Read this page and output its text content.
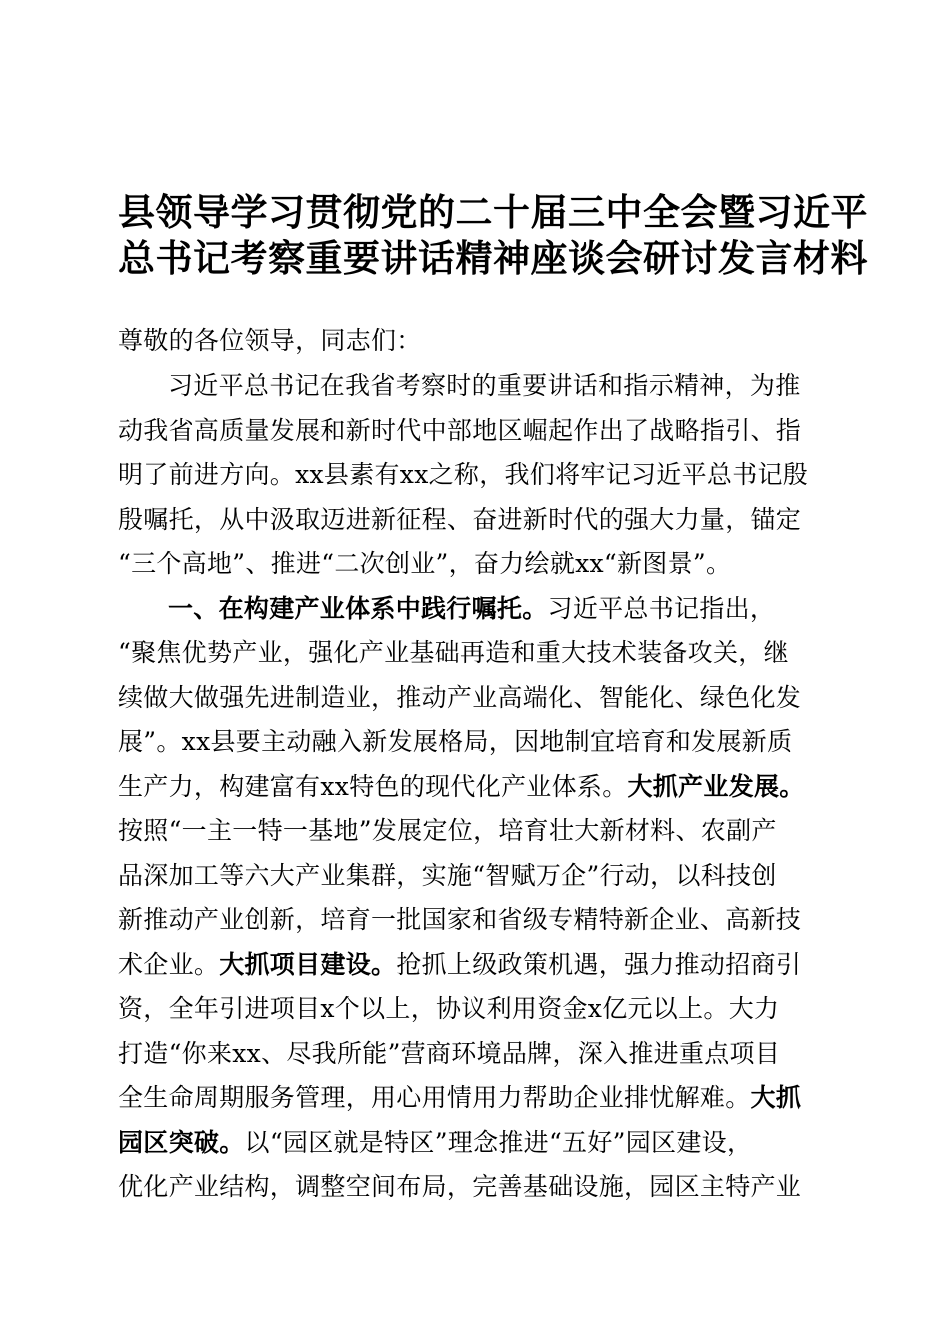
县领导学习贯彻党的二十届三中全会暨习近平
总书记考察重要讲话精神座谈会研讨发言材料
尊敬的各位领导，同志们：
习近平总书记在我省考察时的重要讲话和指示精神，为推
动我省高质量发展和新时代中部地区崛起作出了战略指引、指
明了前进方向。xx县素有xx之称，我们将牢记习近平总书记殷
殷嘱托，从中汲取迈进新征程、奋进新时代的强大力量，锚定
“三个高地”、推进“二次创业”，奋力绘就xx“新图景”。
一、在构建产业体系中践行嘱托。习近平总书记指出，
“聚焦优势产业，强化产业基础再造和重大技术装备攻关，继
续做大做强先进制造业，推动产业高端化、智能化、绿色化发
展”。xx县要主动融入新发展格局，因地制宜培育和发展新质
生产力，构建富有xx特色的现代化产业体系。大抓产业发展。
按照“一主一特一基地”发展定位，培育壮大新材料、农副产
品深加工等六大产业集群，实施“智赋万企”行动，以科技创
新推动产业创新，培育一批国家和省级专精特新企业、高新技
术企业。大抓项目建设。抢抓上级政策机遇，强力推动招商引
资，全年引进项目x个以上，协议利用资金x亿元以上。大力
打造“你来xx、尽我所能”营商环境品牌，深入推进重点项目
全生命周期服务管理，用心用情用力帮助企业排忧解难。大抓
园区突破。以“园区就是特区”理念推进“五好”园区建设，
优化产业结构，调整空间布局，完善基础设施，园区主特产业
